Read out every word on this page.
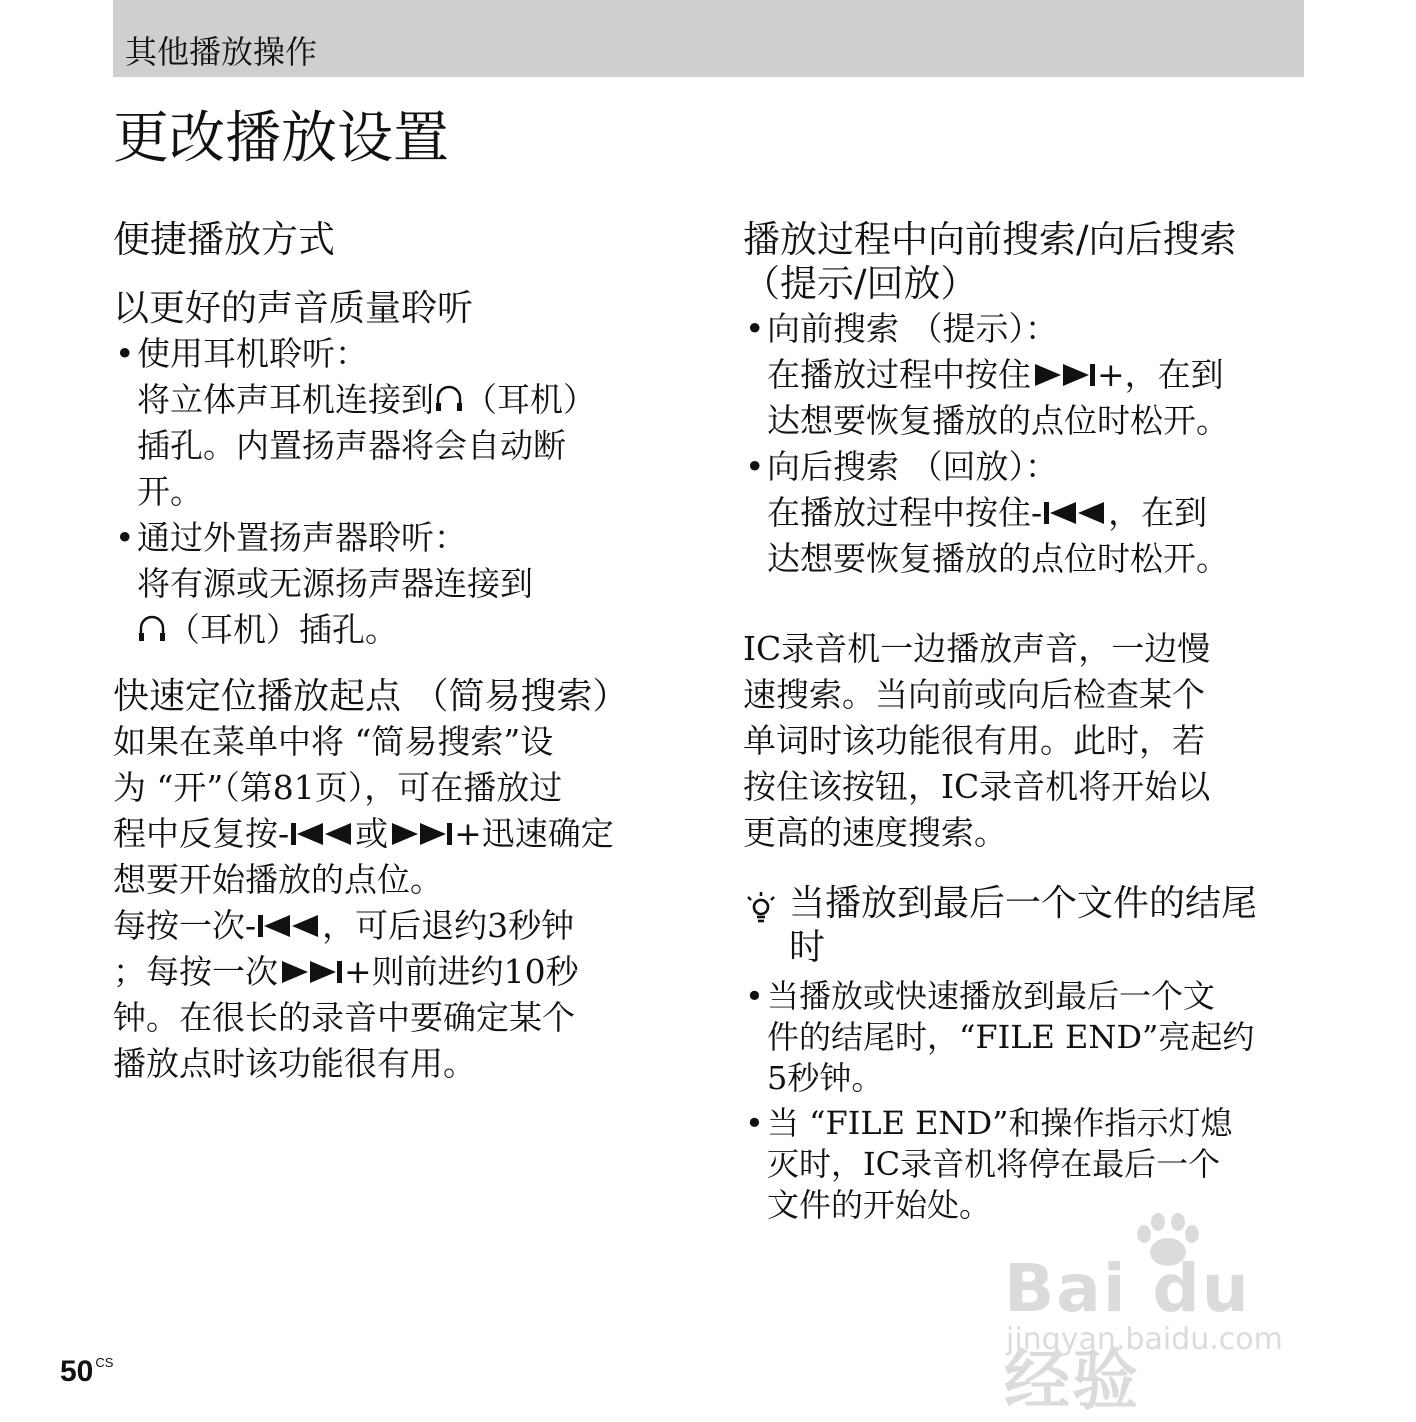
其他播放操作
更改播放设置
便捷播放方式
以更好的声音质量聆听
• 使用耳机聆听：
将立体声耳机连接到 （耳机）
插孔。内置扬声器将会自动断
开。
• 通过外置扬声器聆听：
将有源或无源扬声器连接到
（耳机）插孔。
快速定位播放起点 （简易搜索）
如果在菜单中将 “简易搜索”设
为 “开”（第81页），可在播放过
程中反复按- 或 +迅速确定
想要开始播放的点位。
每按一次- ，可后退约3秒钟
；每按一次 +则前进约10秒
钟。在很长的录音中要确定某个
播放点时该功能很有用。
播放过程中向前搜索/向后搜索
（提示/回放）
• 向前搜索 （提示）：
在播放过程中按住 +，在到
达想要恢复播放的点位时松开。
• 向后搜索 （回放）：
在播放过程中按住- ，在到
达想要恢复播放的点位时松开。
IC录音机一边播放声音，一边慢
速搜索。当向前或向后检查某个
单词时该功能很有用。此时，若
按住该按钮，IC录音机将开始以
更高的速度搜索。
当播放到最后一个文件的结尾
时
• 当播放或快速播放到最后一个文
件的结尾时，“FILE END”亮起约
5秒钟。
• 当 “FILE END”和操作指示灯熄
灭时，IC录音机将停在最后一个
文件的开始处。
50 $^{CS}$
Bai du 经验
jingyan.baidu.com
